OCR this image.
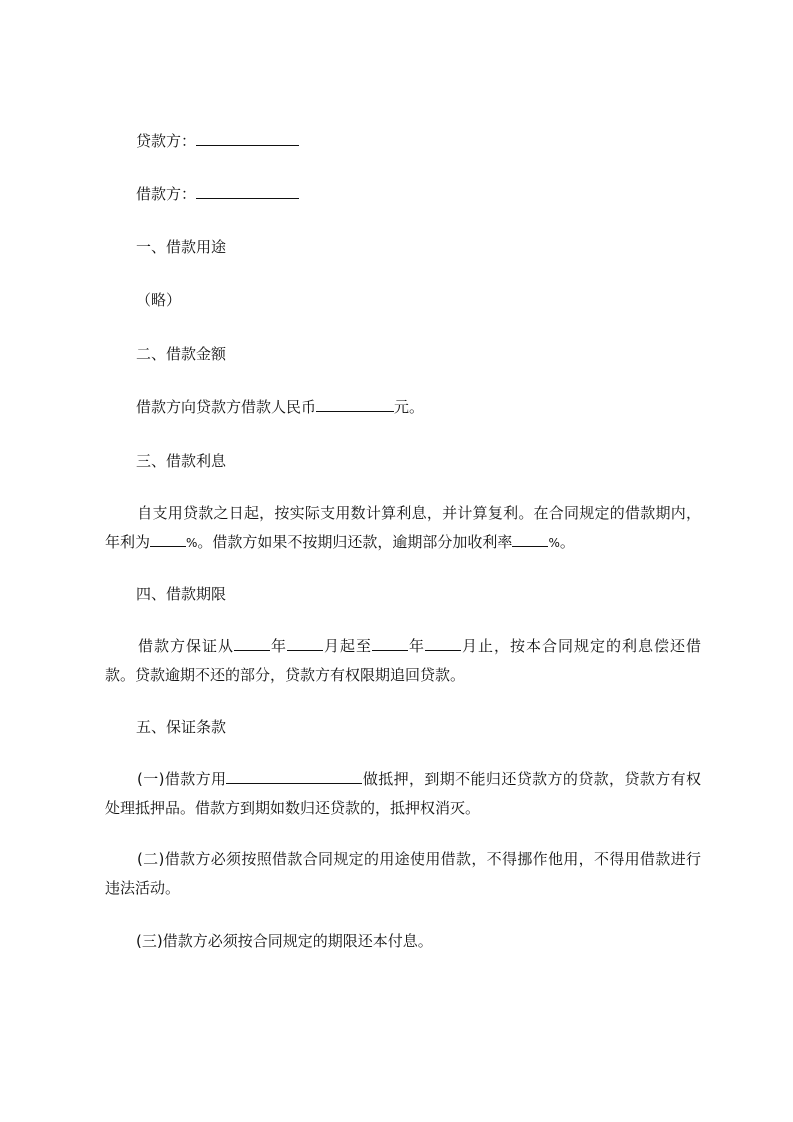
贷款方：
借款方：
一、借款用途
（略）
二、借款金额
借款方向贷款方借款人民币	元。
三、借款利息
自支用贷款之日起，按实际支用数计算利息，并计算复利。在合同规定的借款期内，年利为	%。借款方如果不按期归还款，逾期部分加收利率	%。
四、借款期限
借款方保证从 年 月起至 年 月止，按本合同规定的利息偿还借款。贷款逾期不还的部分，贷款方有权限期追回贷款。
五、保证条款
(一)借款方用	做抵押，到期不能归还贷款方的贷款，贷款方有权处理抵押品。借款方到期如数归还贷款的，抵押权消灭。
(二)借款方必须按照借款合同规定的用途使用借款，不得挪作他用，不得用借款进行违法活动。
(三)借款方必须按合同规定的期限还本付息。
